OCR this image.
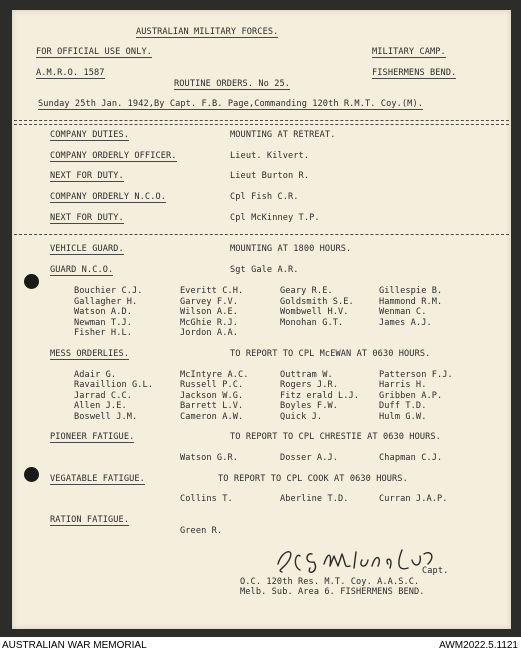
AUSTRALIAN MILITARY FORCES.
FOR OFFICIAL USE ONLY.	MILITARY CAMP.
A.M.R.O. 1587
ROUTINE ORDERS. No 25.
FISHERMENS BEND.
Sunday 25th Jan. 1942,By Capt. F.B. Page,Commanding 120th R.M.T. Coy.(M).
COMPANY DUTIES.	MOUNTING AT RETREAT.
COMPANY ORDERLY OFFICER.	Lieut. Kilvert.
NEXT FOR DUTY.	Lieut Burton R.
COMPANY ORDERLY N.C.O.	Cpl Fish C.R.
NEXT FOR DUTY.	Cpl McKinney T.P.
VEHICLE GUARD.	MOUNTING AT 1800 HOURS.
GUARD N.C.O.	Sgt Gale A.R.
Bouchier C.J.	Everitt C.H.	Geary R.E.	Gillespie B.
Gallagher H.	Garvey F.V.	Goldsmith S.E.	Hammond R.M.
Watson A.D.	Wilson A.E.	Wombwell H.V.	Wenman C.
Newman T.J.	McGhie R.J.	Monohan G.T.	James A.J.
Fisher H.L.	Jordon A.A.
MESS ORDERLIES.	TO REPORT TO CPL McEWAN AT 0630 HOURS.
Adair G.	McIntyre A.C.	Outtram W.	Patterson F.J.
Ravaillion G.L.	Russell P.C.	Rogers J.R.	Harris H.
Jarrad C.C.	Jackson W.G.	Fitz erald L.J. Gribben A.P.
Allen J.E.	Barrett L.V.	Boyles F.W.	Duff T.D.
Boswell J.M.	Cameron A.W.	Quick J.	Hulm G.W.
PIONEER FATIGUE.	TO REPORT TO CPL CHRESTIE AT 0630 HOURS.
Watson G.R.	Dosser A.J.	Chapman C.J.
VEGATABLE FATIGUE.	TO REPORT TO CPL COOK AT 0630 HOURS.
Collins T.	Aberline T.D.	Curran J.A.P.
RATION FATIGUE.
Green R.
Capt.
O.C. 120th Res. M.T. Coy. A.A.S.C.
Melb. Sub. Area 6. FISHERMENS BEND.
AUSTRALIAN WAR MEMORIAL	AWM2022.5.1121
